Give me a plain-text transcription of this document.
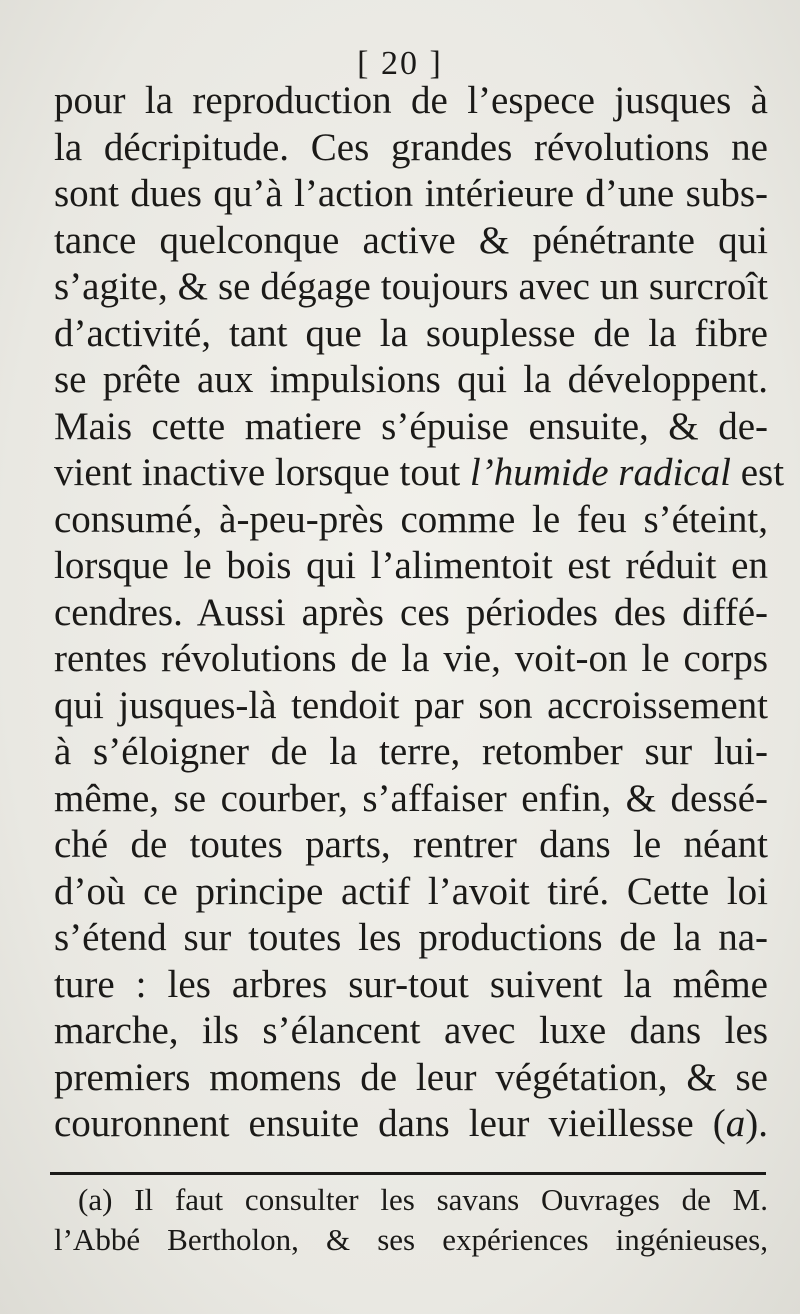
[ 20 ]
pour la reproduction de l’espece jusques à
la décripitude. Ces grandes révolutions ne
sont dues qu’à l’action intérieure d’une subs-
tance quelconque active & pénétrante qui
s’agite, & se dégage toujours avec un surcroît
d’activité, tant que la souplesse de la fibre
se prête aux impulsions qui la développent.
Mais cette matiere s’épuise ensuite, & de-
vient inactive lorsque tout l’humide radical est
consumé, à-peu-près comme le feu s’éteint,
lorsque le bois qui l’alimentoit est réduit en
cendres. Aussi après ces périodes des diffé-
rentes révolutions de la vie, voit-on le corps
qui jusques-là tendoit par son accroissement
à s’éloigner de la terre, retomber sur lui-
même, se courber, s’affaiser enfin, & dessé-
ché de toutes parts, rentrer dans le néant
d’où ce principe actif l’avoit tiré. Cette loi
s’étend sur toutes les productions de la na-
ture : les arbres sur-tout suivent la même
marche, ils s’élancent avec luxe dans les
premiers momens de leur végétation, & se
couronnent ensuite dans leur vieillesse (a).
(a) Il faut consulter les savans Ouvrages de M.
l’Abbé Bertholon, & ses expériences ingénieuses,
